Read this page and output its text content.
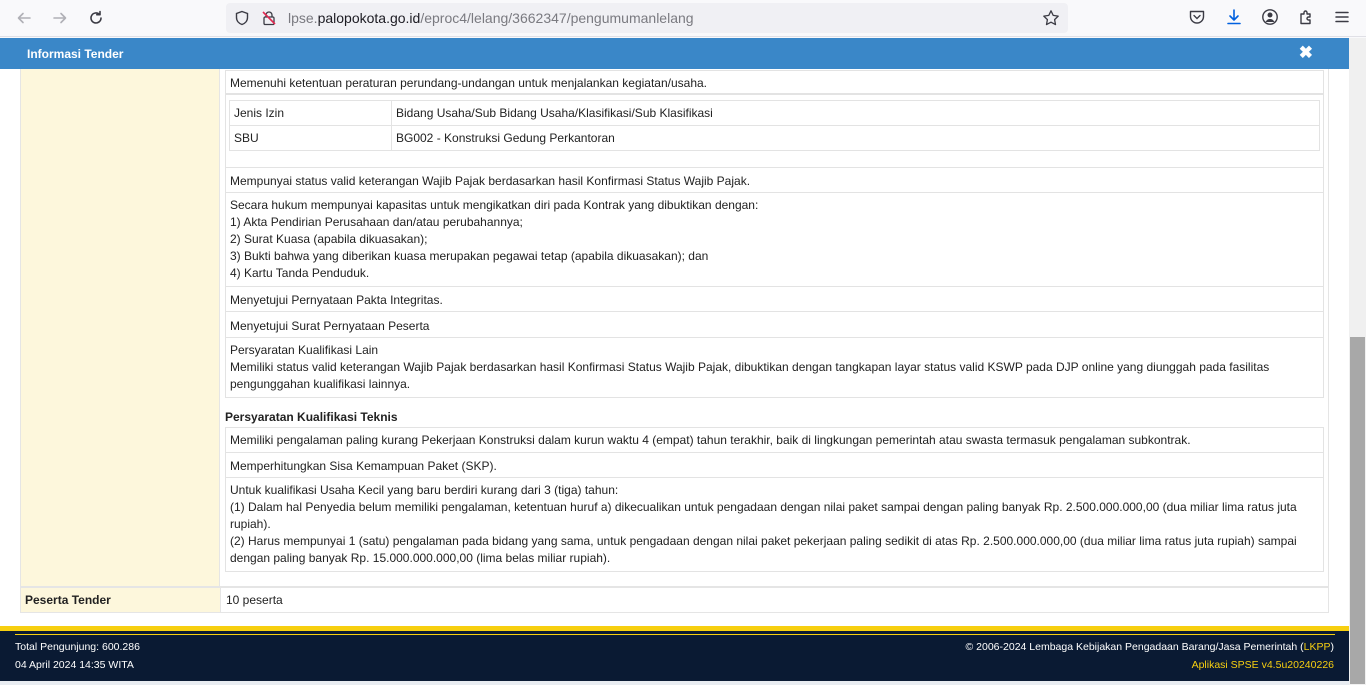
lpse.palopokota.go.id/eproc4/lelang/3662347/pengumumanlelang
Informasi Tender	✖
Memenuhi ketentuan peraturan perundang-undangan untuk menjalankan kegiatan/usaha.
Jenis Izin	Bidang Usaha/Sub Bidang Usaha/Klasifikasi/Sub Klasifikasi
SBU	BG002 - Konstruksi Gedung Perkantoran
Mempunyai status valid keterangan Wajib Pajak berdasarkan hasil Konfirmasi Status Wajib Pajak.
Secara hukum mempunyai kapasitas untuk mengikatkan diri pada Kontrak yang dibuktikan dengan:
1) Akta Pendirian Perusahaan dan/atau perubahannya;
2) Surat Kuasa (apabila dikuasakan);
3) Bukti bahwa yang diberikan kuasa merupakan pegawai tetap (apabila dikuasakan); dan
4) Kartu Tanda Penduduk.
Menyetujui Pernyataan Pakta Integritas.
Menyetujui Surat Pernyataan Peserta
Persyaratan Kualifikasi Lain
Memiliki status valid keterangan Wajib Pajak berdasarkan hasil Konfirmasi Status Wajib Pajak, dibuktikan dengan tangkapan layar status valid KSWP pada DJP online yang diunggah pada fasilitas pengunggahan kualifikasi lainnya.
Persyaratan Kualifikasi Teknis
Memiliki pengalaman paling kurang Pekerjaan Konstruksi dalam kurun waktu 4 (empat) tahun terakhir, baik di lingkungan pemerintah atau swasta termasuk pengalaman subkontrak.
Memperhitungkan Sisa Kemampuan Paket (SKP).
Untuk kualifikasi Usaha Kecil yang baru berdiri kurang dari 3 (tiga) tahun:
(1) Dalam hal Penyedia belum memiliki pengalaman, ketentuan huruf a) dikecualikan untuk pengadaan dengan nilai paket sampai dengan paling banyak Rp. 2.500.000.000,00 (dua miliar lima ratus juta rupiah).
(2) Harus mempunyai 1 (satu) pengalaman pada bidang yang sama, untuk pengadaan dengan nilai paket pekerjaan paling sedikit di atas Rp. 2.500.000.000,00 (dua miliar lima ratus juta rupiah) sampai dengan paling banyak Rp. 15.000.000.000,00 (lima belas miliar rupiah).
Peserta Tender	10 peserta
Total Pengunjung: 600.286
04 April 2024 14:35 WITA
© 2006-2024 Lembaga Kebijakan Pengadaan Barang/Jasa Pemerintah (LKPP)
Aplikasi SPSE v4.5u20240226
